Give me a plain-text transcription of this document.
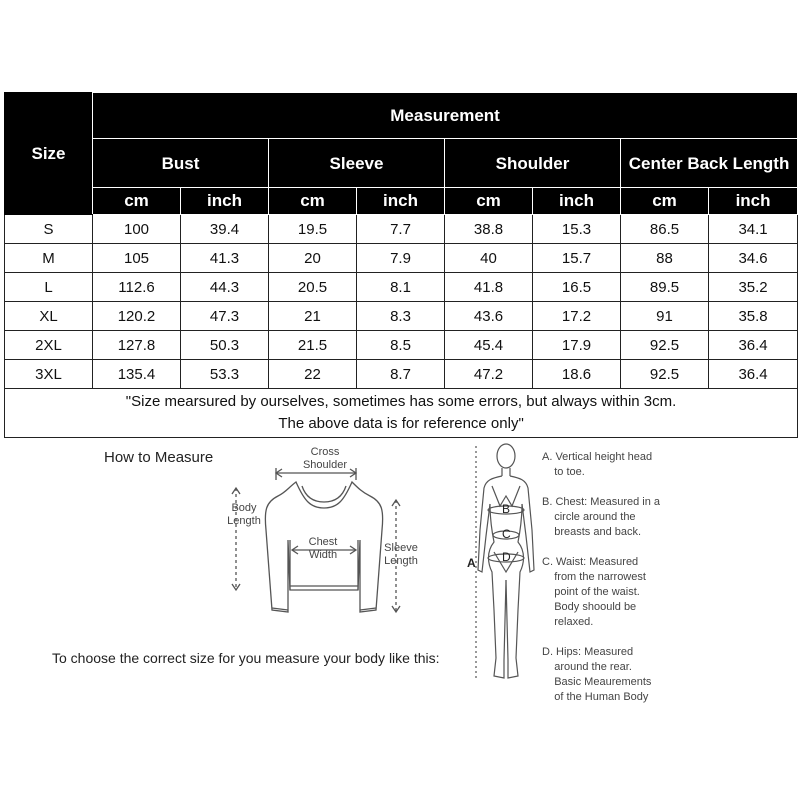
Size	Measurement							
	Bust		Sleeve		Shoulder		Center Back Length	
	cm	inch	cm	inch	cm	inch	cm	inch
S	100	39.4	19.5	7.7	38.8	15.3	86.5	34.1
M	105	41.3	20	7.9	40	15.7	88	34.6
L	112.6	44.3	20.5	8.1	41.8	16.5	89.5	35.2
XL	120.2	47.3	21	8.3	43.6	17.2	91	35.8
2XL	127.8	50.3	21.5	8.5	45.4	17.9	92.5	36.4
3XL	135.4	53.3	22	8.7	47.2	18.6	92.5	36.4

"Size mearsured by ourselves, sometimes has some errors, but always within 3cm.
The above data is for reference only"								
How to Measure	Cross
Shoulder
Body
Length
Chest
Width
Sleeve
Length
To choose the correct size for you measure your body like this:
A
B
C
D
A. Vertical height head
to toe.
B. Chest: Measured in a
circle around the
breasts and back.
C. Waist: Measured
from the narrowest
point of the waist.
Body shoould be
relaxed.
D. Hips: Measured
around the rear.
Basic Meaurements
of the Human Body
